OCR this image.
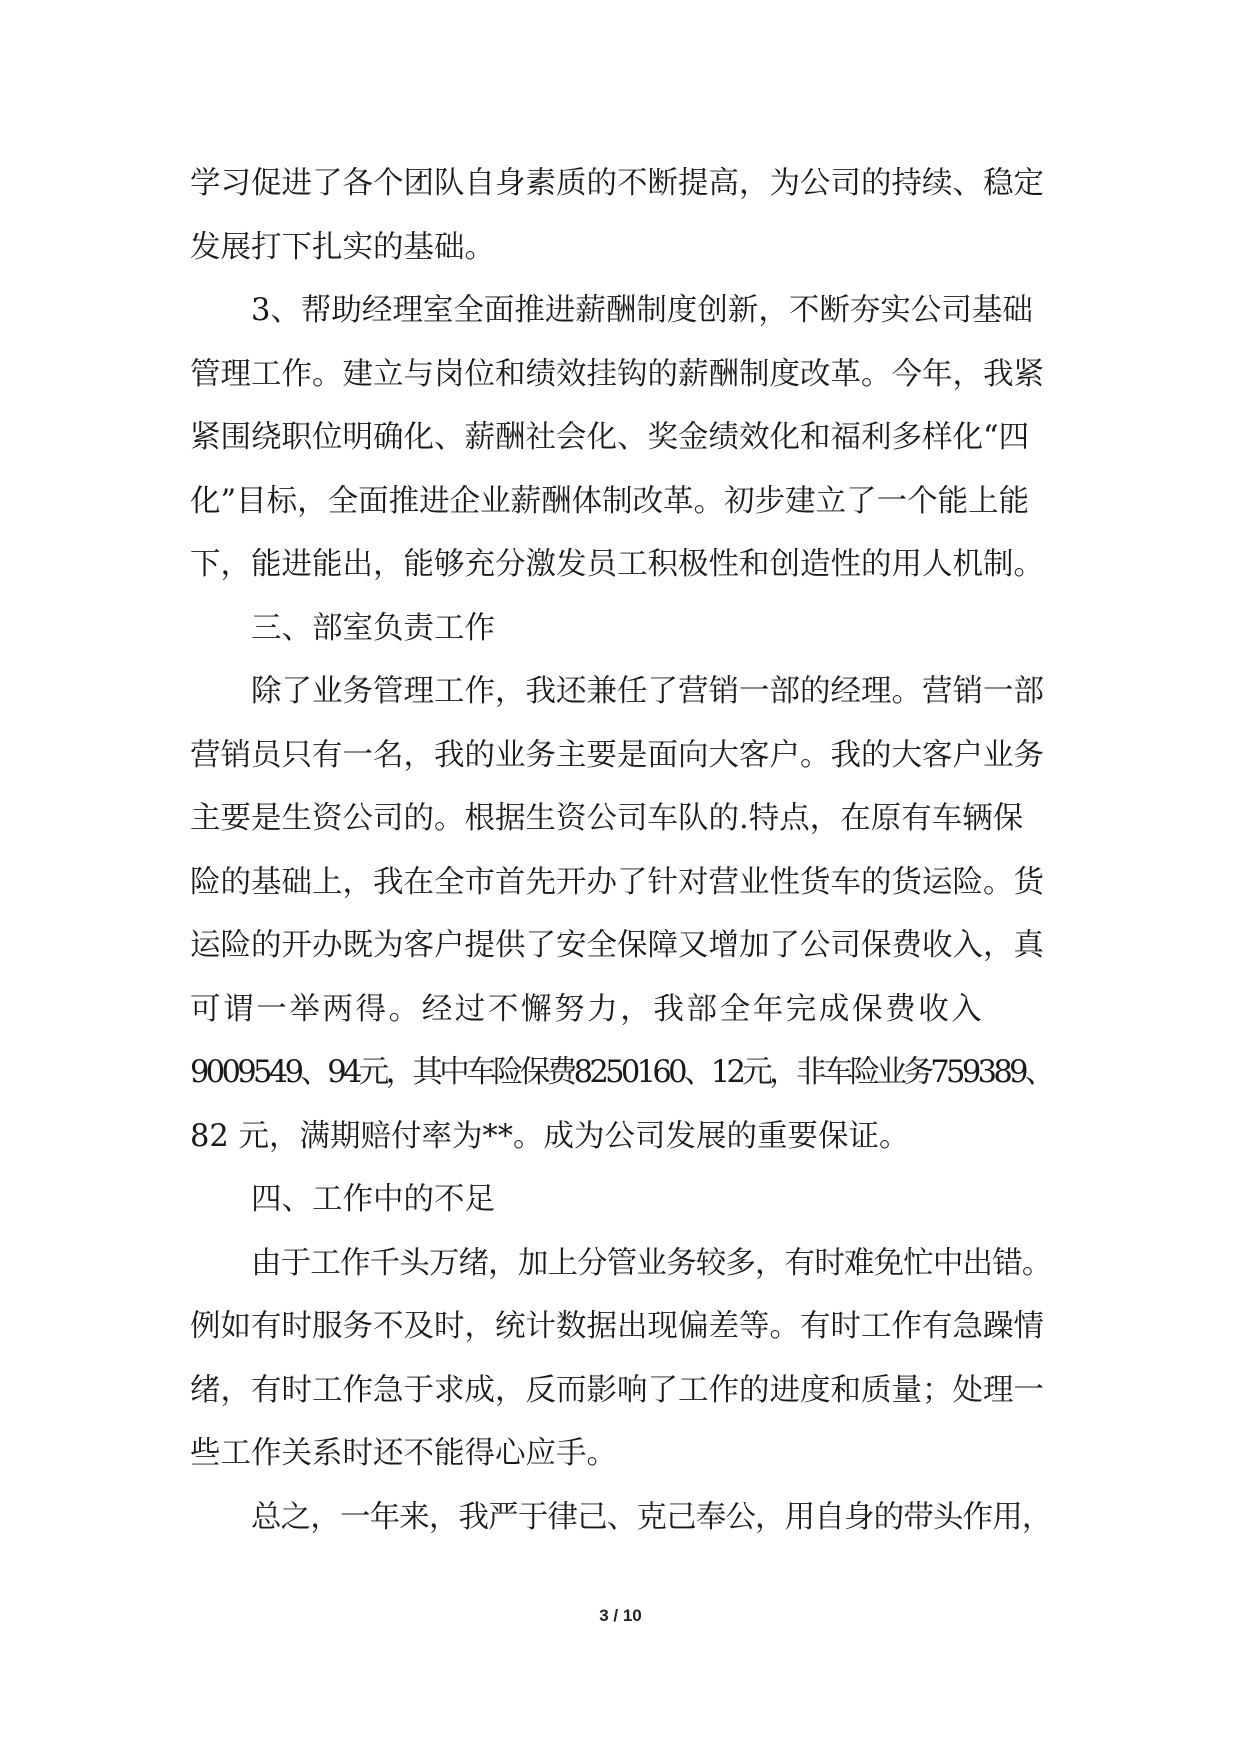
学习促进了各个团队自身素质的不断提高，为公司的持续、稳定
发展打下扎实的基础。
3、帮助经理室全面推进薪酬制度创新，不断夯实公司基础
管理工作。建立与岗位和绩效挂钩的薪酬制度改革。今年，我紧
紧围绕职位明确化、薪酬社会化、奖金绩效化和福利多样化“四
化”目标，全面推进企业薪酬体制改革。初步建立了一个能上能
下，能进能出，能够充分激发员工积极性和创造性的用人机制。
三、部室负责工作
除了业务管理工作，我还兼任了营销一部的经理。营销一部
营销员只有一名，我的业务主要是面向大客户。我的大客户业务
主要是生资公司的。根据生资公司车队的.特点，在原有车辆保
险的基础上，我在全市首先开办了针对营业性货车的货运险。货
运险的开办既为客户提供了安全保障又增加了公司保费收入，真
可谓一举两得。经过不懈努力，我部全年完成保费收入
9009549、94元，其中车险保费8250160、12元，非车险业务759389、
82 元，满期赔付率为**。成为公司发展的重要保证。
四、工作中的不足
由于工作千头万绪，加上分管业务较多，有时难免忙中出错。
例如有时服务不及时，统计数据出现偏差等。有时工作有急躁情
绪，有时工作急于求成，反而影响了工作的进度和质量；处理一
些工作关系时还不能得心应手。
总之，一年来，我严于律己、克己奉公，用自身的带头作用，
3 / 10
